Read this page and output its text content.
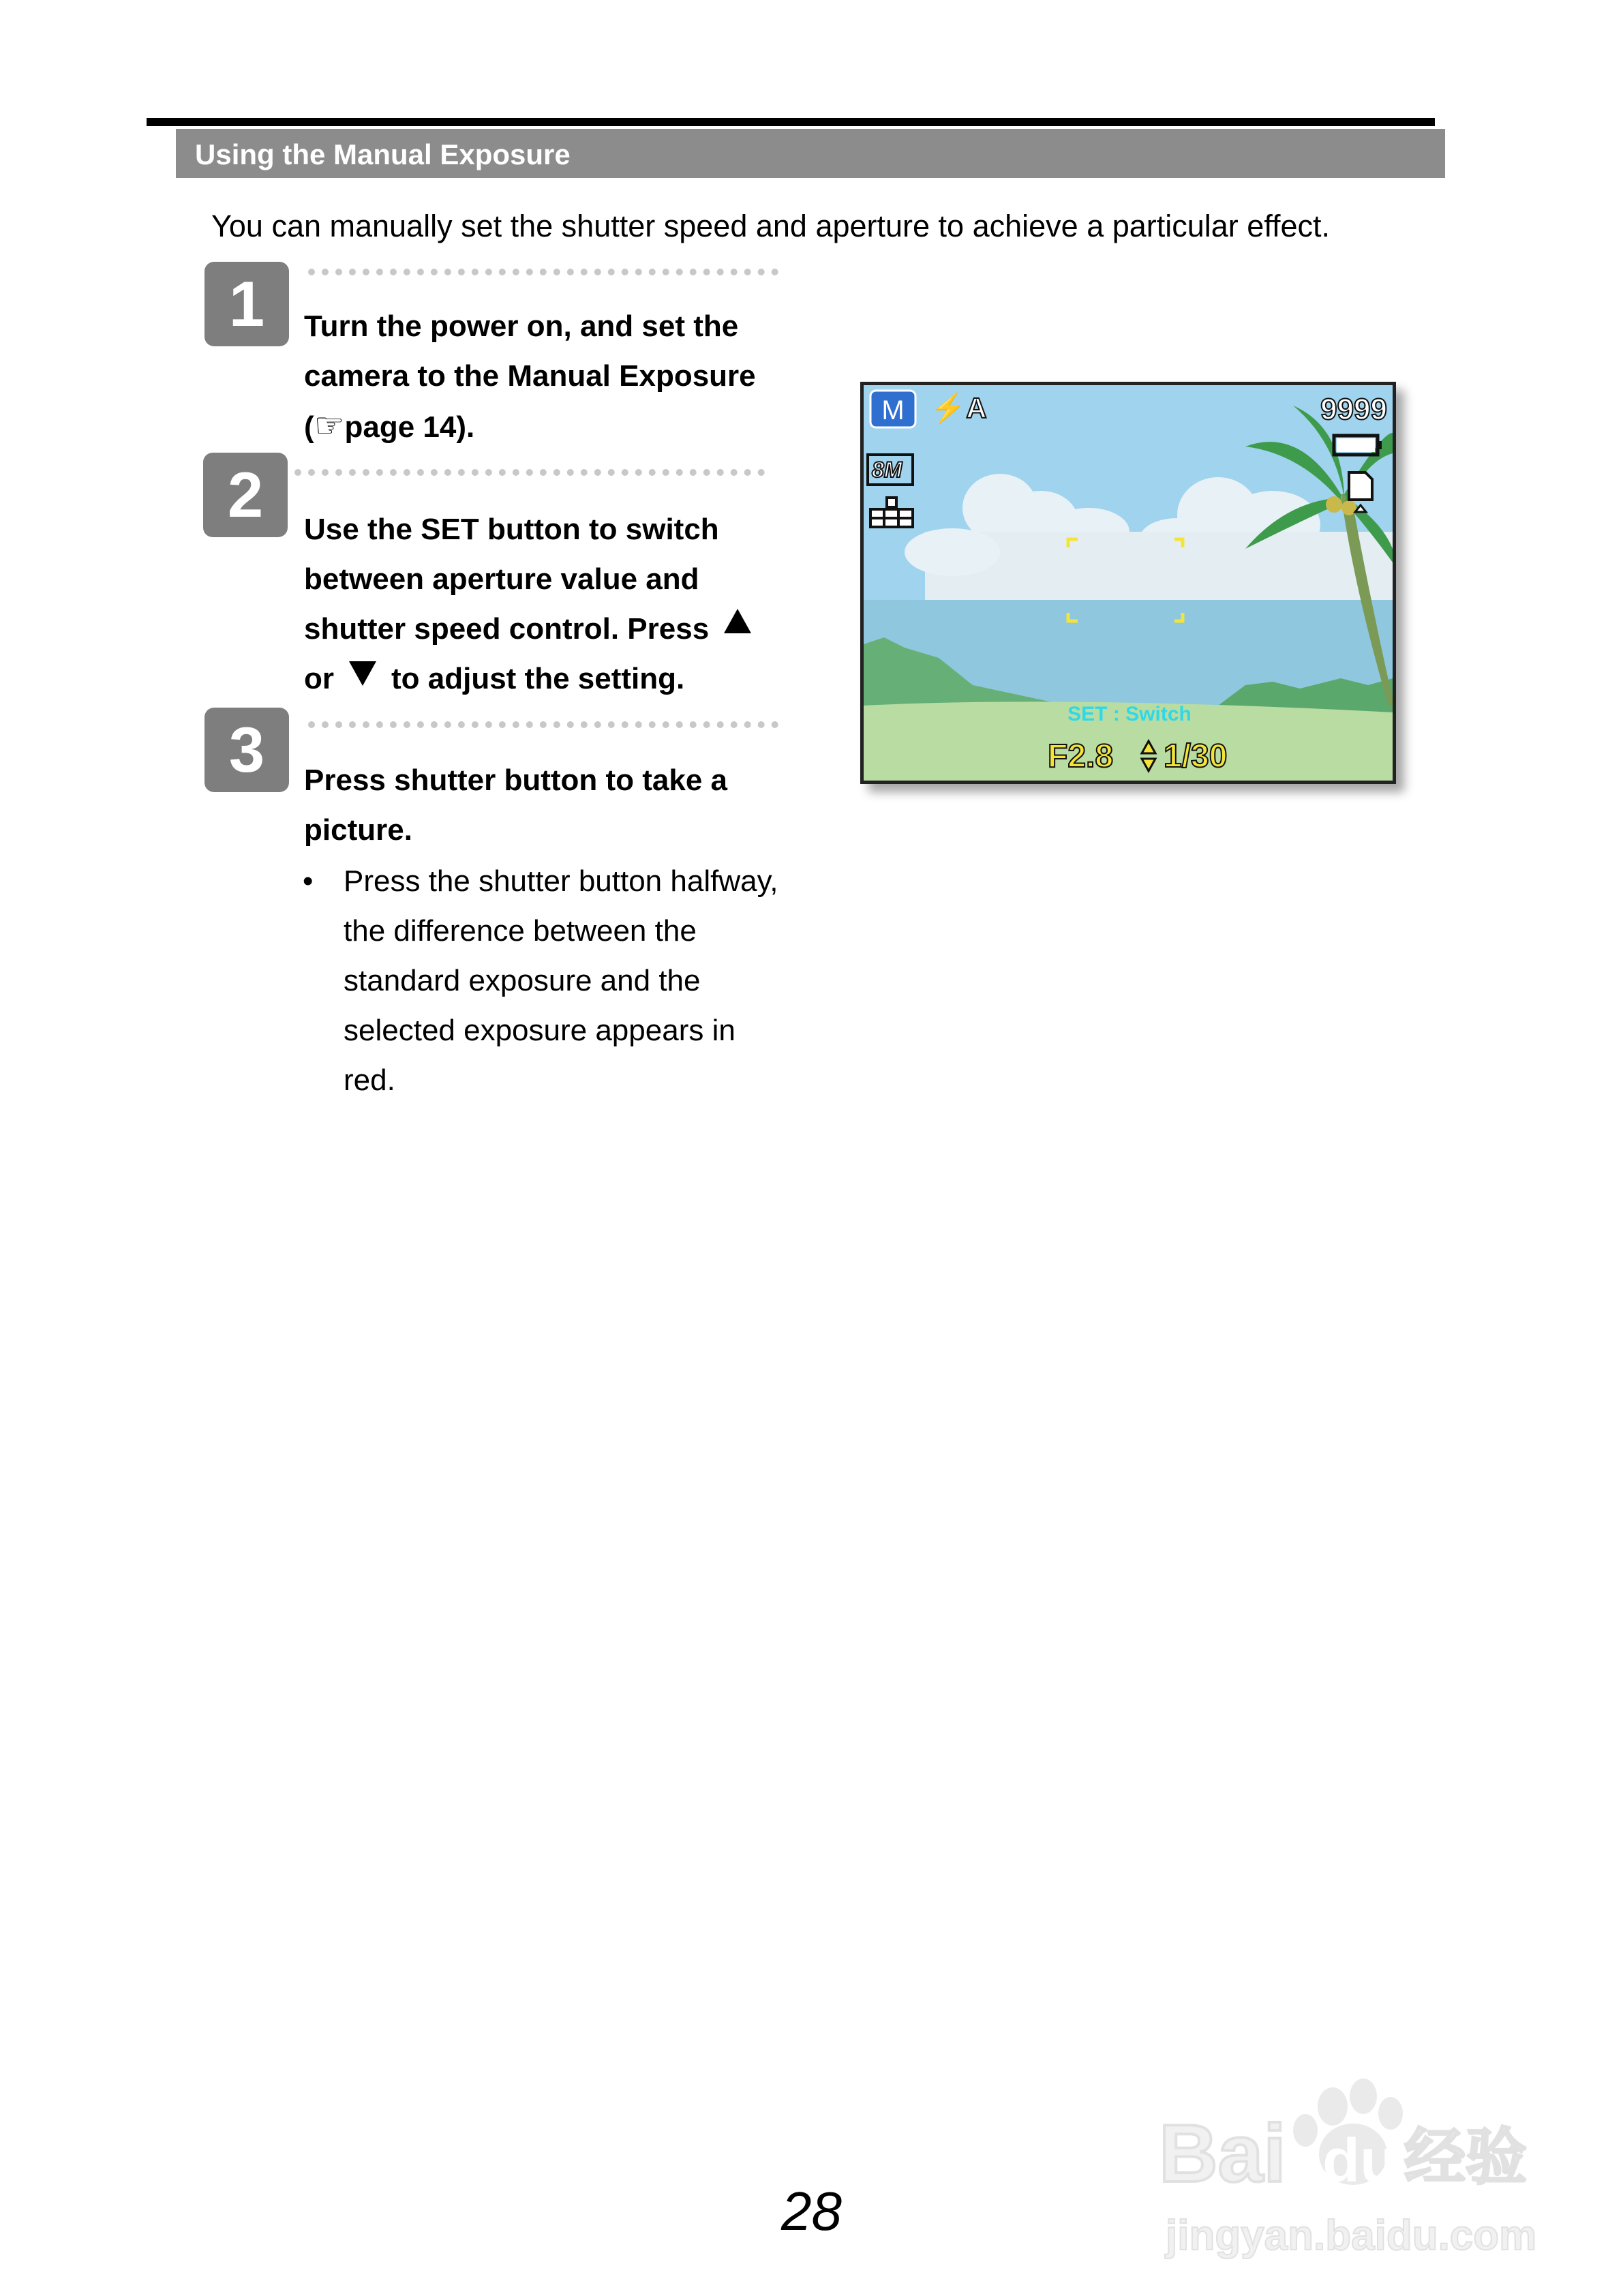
Using the Manual Exposure
You can manually set the shutter speed and aperture to achieve a particular effect.
1	Turn the power on, and set the

camera to the Manual Exposure

(☞page 14).

2	Use the SET button to switch

between aperture value and

shutter speed control. Press

or to adjust the setting.

3	Press shutter button to take a

picture.

• Press the shutter button halfway,
the difference between the
standard exposure and the
selected exposure appears in
red.
M ⚡A	9999
8M
SET : Switch
F2.8 1/30
28
Bai du 经验
jingyan.baidu.com
